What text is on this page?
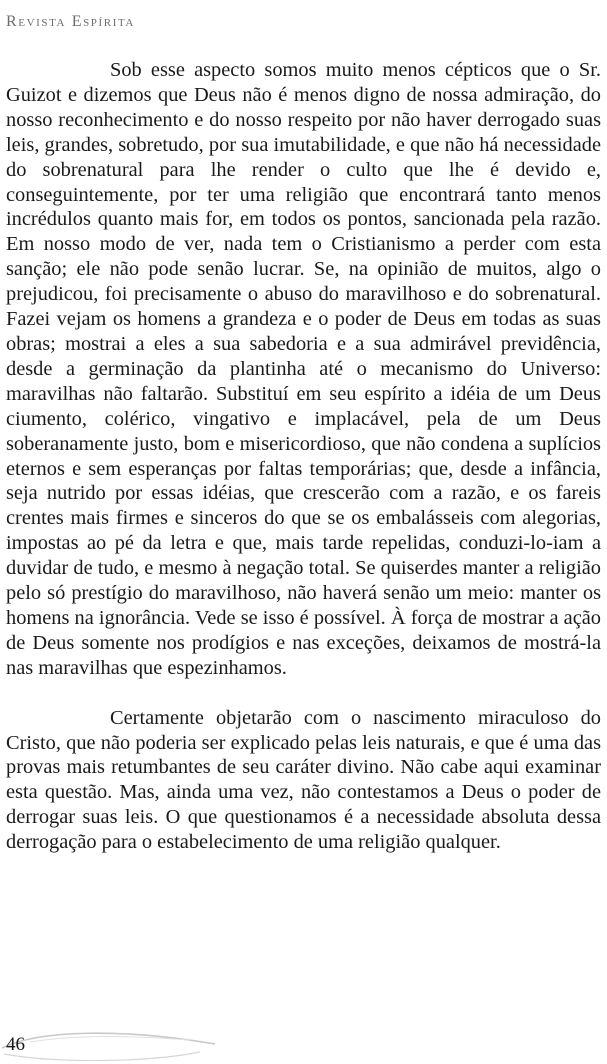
Revista Espírita

Sob esse aspecto somos muito menos cépticos que o Sr. Guizot e dizemos que Deus não é menos digno de nossa admiração, do nosso reconhecimento e do nosso respeito por não haver derrogado suas leis, grandes, sobretudo, por sua imutabilidade, e que não há necessidade do sobrenatural para lhe render o culto que lhe é devido e, conseguintemente, por ter uma religião que encontrará tanto menos incrédulos quanto mais for, em todos os pontos, sancionada pela razão. Em nosso modo de ver, nada tem o Cristianismo a perder com esta sanção; ele não pode senão lucrar. Se, na opinião de muitos, algo o prejudicou, foi precisamente o abuso do maravilhoso e do sobrenatural. Fazei vejam os homens a grandeza e o poder de Deus em todas as suas obras; mostrai a eles a sua sabedoria e a sua admirável previdência, desde a germinação da plantinha até o mecanismo do Universo: maravilhas não faltarão. Substituí em seu espírito a idéia de um Deus ciumento, colérico, vingativo e implacável, pela de um Deus soberanamente justo, bom e misericordioso, que não condena a suplícios eternos e sem esperanças por faltas temporárias; que, desde a infância, seja nutrido por essas idéias, que crescerão com a razão, e os fareis crentes mais firmes e sinceros do que se os embalásseis com alegorias, impostas ao pé da letra e que, mais tarde repelidas, conduzi-lo-iam a duvidar de tudo, e mesmo à negação total. Se quiserdes manter a religião pelo só prestígio do maravilhoso, não haverá senão um meio: manter os homens na ignorância. Vede se isso é possível. À força de mostrar a ação de Deus somente nos prodígios e nas exceções, deixamos de mostrá-la nas maravilhas que espezinhamos.

Certamente objetarão com o nascimento miraculoso do Cristo, que não poderia ser explicado pelas leis naturais, e que é uma das provas mais retumbantes de seu caráter divino. Não cabe aqui examinar esta questão. Mas, ainda uma vez, não contestamos a Deus o poder de derrogar suas leis. O que questionamos é a necessidade absoluta dessa derrogação para o estabelecimento de uma religião qualquer.

46
